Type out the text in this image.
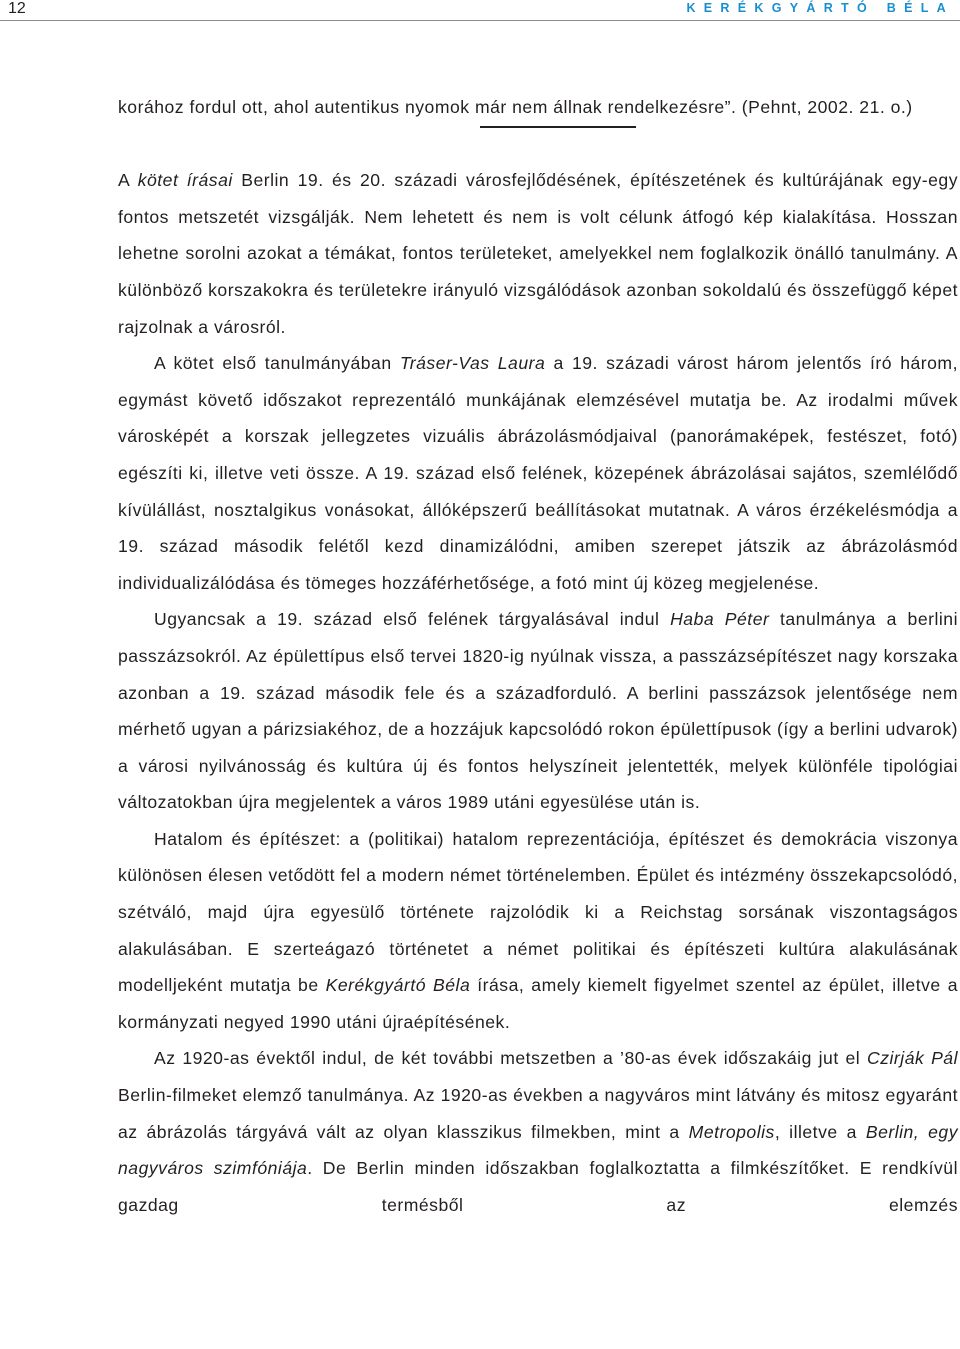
12	KERÉKGYÁRTÓ BÉLA

korához fordul ott, ahol autentikus nyomok már nem állnak rendelkezésre”. (Pehnt, 2002. 21. o.)

A kötet írásai Berlin 19. és 20. századi városfejlődésének, építészetének és kultúrájának egy-egy fontos metszetét vizsgálják. Nem lehetett és nem is volt célunk átfogó kép kialakítása. Hosszan lehetne sorolni azokat a témákat, fontos területeket, amelyekkel nem foglalkozik önálló tanulmány. A különböző korszakokra és területekre irányuló vizsgálódások azonban sokoldalú és összefüggő képet rajzolnak a városról.

A kötet első tanulmányában Tráser-Vas Laura a 19. századi várost három jelentős író három, egymást követő időszakot reprezentáló munkájának elemzésével mutatja be. Az irodalmi művek városképét a korszak jellegzetes vizuális ábrázolásmódjaival (panorámaképek, festészet, fotó) egészíti ki, illetve veti össze. A 19. század első felének, közepének ábrázolásai sajátos, szemlélődő kívülállást, nosztalgikus vonásokat, állóképszerű beállításokat mutatnak. A város érzékelésmódja a 19. század második felétől kezd dinamizálódni, amiben szerepet játszik az ábrázolásmód individualizálódása és tömeges hozzáférhetősége, a fotó mint új közeg megjelenése.

Ugyancsak a 19. század első felének tárgyalásával indul Haba Péter tanulmánya a berlini passzázsokról. Az épülettípus első tervei 1820-ig nyúlnak vissza, a passzázsépítészet nagy korszaka azonban a 19. század második fele és a századforduló. A berlini passzázsok jelentősége nem mérhető ugyan a párizsiakéhoz, de a hozzájuk kapcsolódó rokon épülettípusok (így a berlini udvarok) a városi nyilvánosság és kultúra új és fontos helyszíneit jelentették, melyek különféle tipológiai változatokban újra megjelentek a város 1989 utáni egyesülése után is.

Hatalom és építészet: a (politikai) hatalom reprezentációja, építészet és demokrácia viszonya különösen élesen vetődött fel a modern német történelemben. Épület és intézmény összekapcsolódó, szétváló, majd újra egyesülő története rajzolódik ki a Reichstag sorsának viszontagságos alakulásában. E szerteágazó történetet a német politikai és építészeti kultúra alakulásának modelljeként mutatja be Kerékgyártó Béla írása, amely kiemelt figyelmet szentel az épület, illetve a kormányzati negyed 1990 utáni újraépítésének.

Az 1920-as évektől indul, de két további metszetben a ’80-as évek időszakáig jut el Czirják Pál Berlin-filmeket elemző tanulmánya. Az 1920-as években a nagyváros mint látvány és mitosz egyaránt az ábrázolás tárgyává vált az olyan klasszikus filmekben, mint a Metropolis, illetve a Berlin, egy nagyváros szimfóniája. De Berlin minden időszakban foglalkoztatta a filmkészítőket. E rendkívül gazdag termésből az elemzés
